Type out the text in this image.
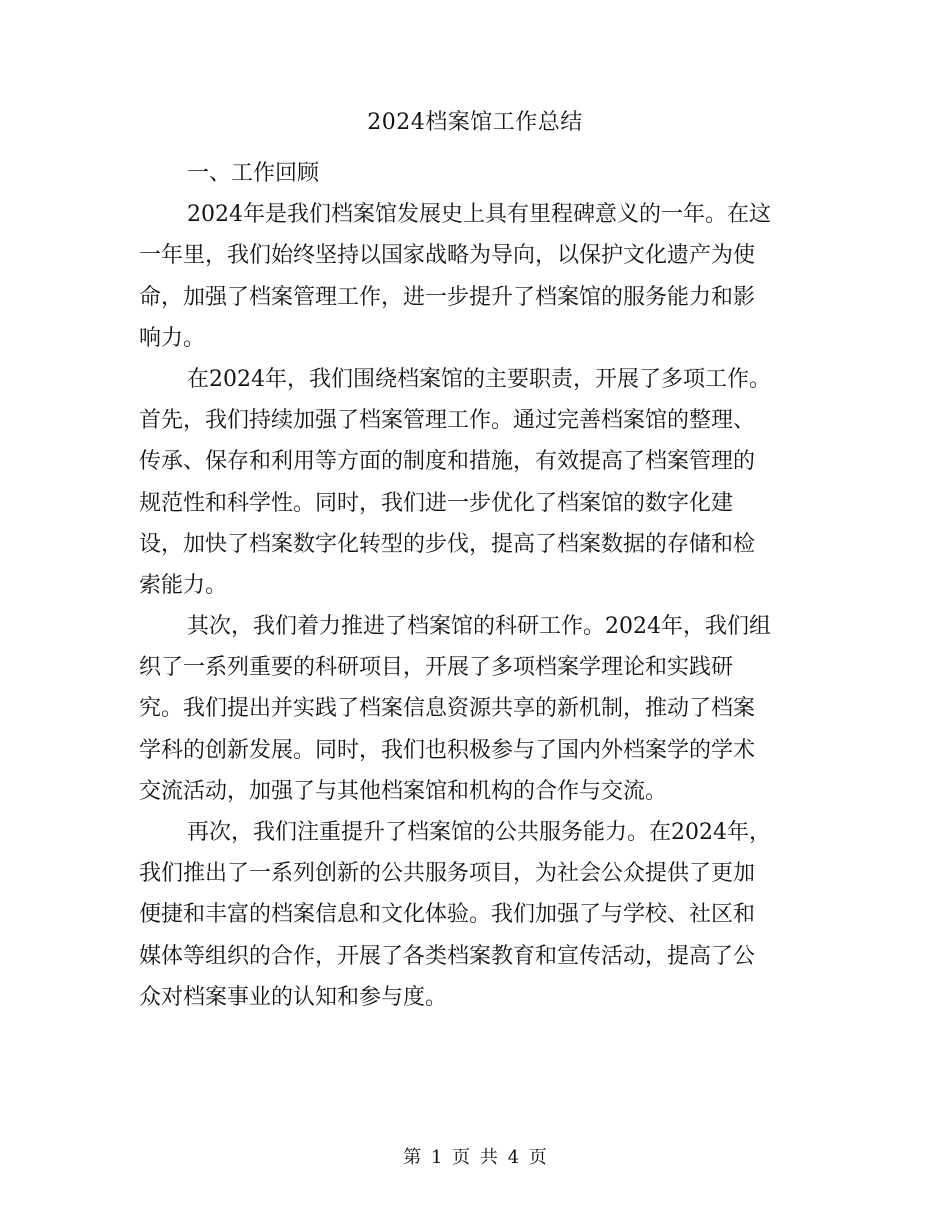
2024档案馆工作总结
一、工作回顾
2024年是我们档案馆发展史上具有里程碑意义的一年。在这
一年里，我们始终坚持以国家战略为导向，以保护文化遗产为使
命，加强了档案管理工作，进一步提升了档案馆的服务能力和影
响力。
在2024年，我们围绕档案馆的主要职责，开展了多项工作。
首先，我们持续加强了档案管理工作。通过完善档案馆的整理、
传承、保存和利用等方面的制度和措施，有效提高了档案管理的
规范性和科学性。同时，我们进一步优化了档案馆的数字化建
设，加快了档案数字化转型的步伐，提高了档案数据的存储和检
索能力。
其次，我们着力推进了档案馆的科研工作。2024年，我们组
织了一系列重要的科研项目，开展了多项档案学理论和实践研
究。我们提出并实践了档案信息资源共享的新机制，推动了档案
学科的创新发展。同时，我们也积极参与了国内外档案学的学术
交流活动，加强了与其他档案馆和机构的合作与交流。
再次，我们注重提升了档案馆的公共服务能力。在2024年，
我们推出了一系列创新的公共服务项目，为社会公众提供了更加
便捷和丰富的档案信息和文化体验。我们加强了与学校、社区和
媒体等组织的合作，开展了各类档案教育和宣传活动，提高了公
众对档案事业的认知和参与度。
第 1 页 共 4 页
